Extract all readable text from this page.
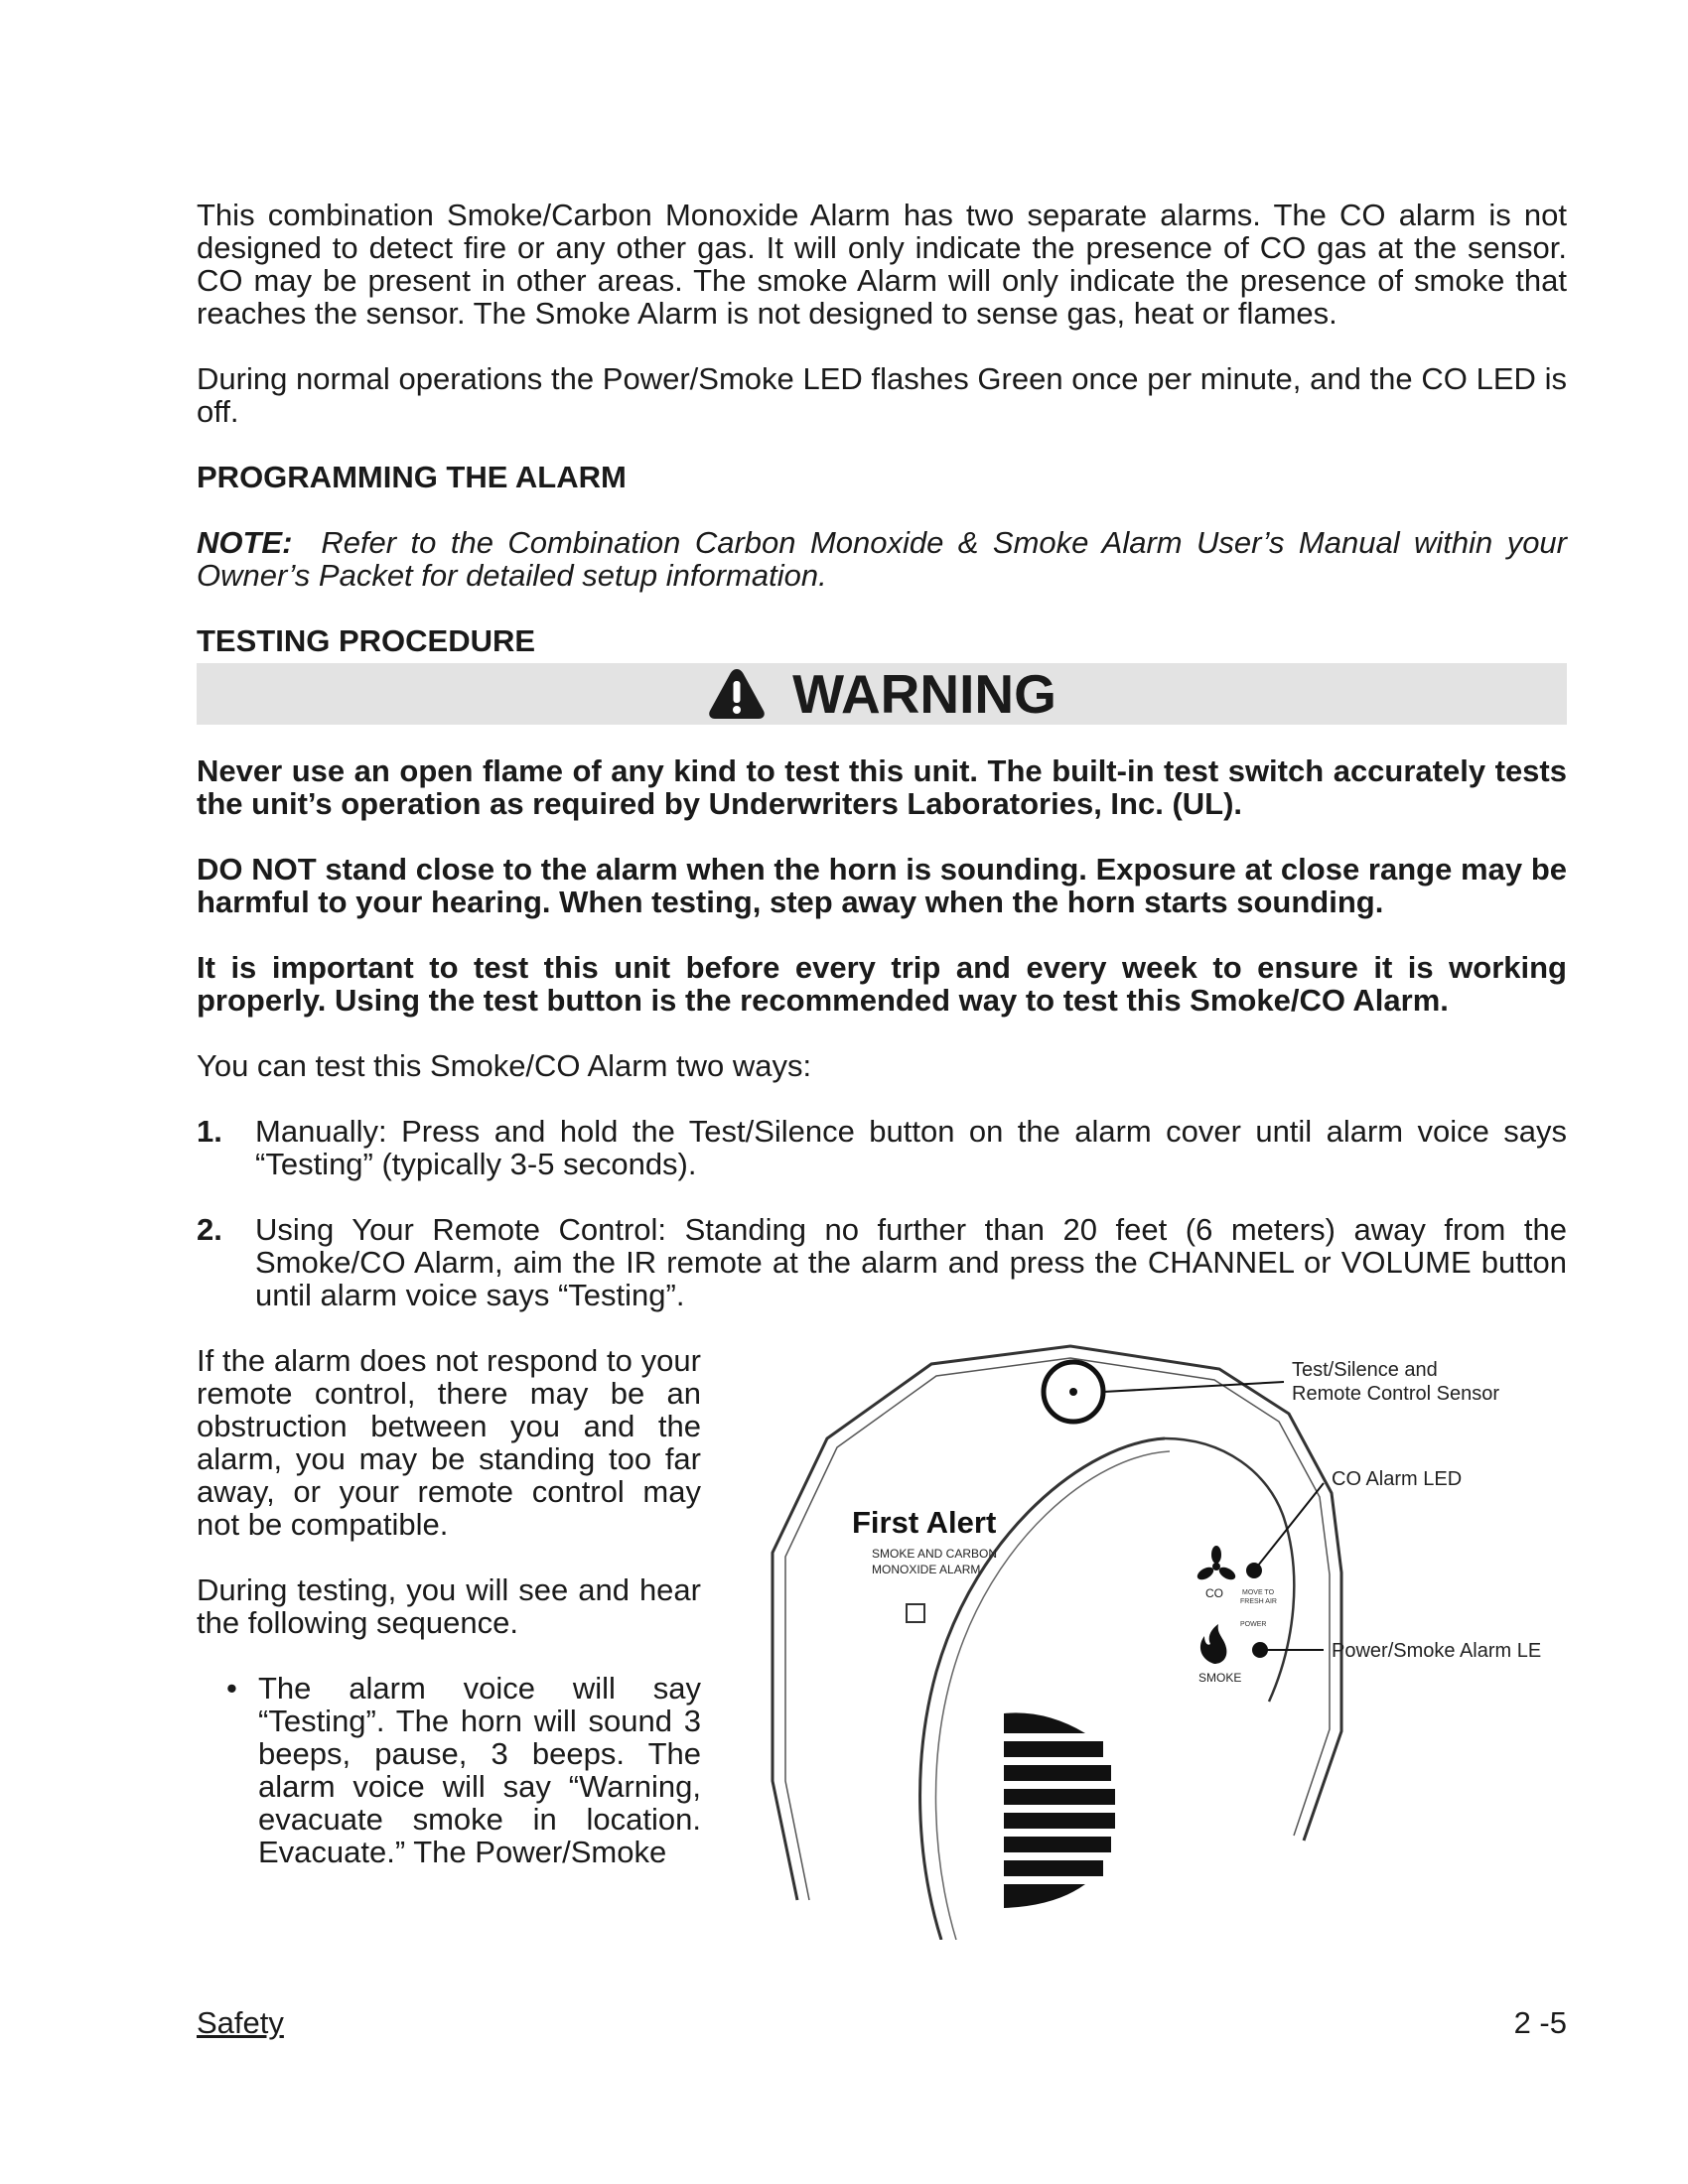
This combination Smoke/Carbon Monoxide Alarm has two separate alarms. The CO alarm is not designed to detect fire or any other gas. It will only indicate the presence of CO gas at the sensor. CO may be present in other areas. The smoke Alarm will only indicate the presence of smoke that reaches the sensor. The Smoke Alarm is not designed to sense gas, heat or flames.

During normal operations the Power/Smoke LED flashes Green once per minute, and the CO LED is off.

PROGRAMMING THE ALARM
NOTE: Refer to the Combination Carbon Monoxide & Smoke Alarm User’s Manual within your Owner’s Packet for detailed setup information.
TESTING PROCEDURE
WARNING

Never use an open flame of any kind to test this unit. The built-in test switch accurately tests the unit’s operation as required by Underwriters Laboratories, Inc. (UL).

DO NOT stand close to the alarm when the horn is sounding. Exposure at close range may be harmful to your hearing. When testing, step away when the horn starts sounding.

It is important to test this unit before every trip and every week to ensure it is working properly. Using the test button is the recommended way to test this Smoke/CO Alarm.

You can test this Smoke/CO Alarm two ways:

1. Manually: Press and hold the Test/Silence button on the alarm cover until alarm voice says “Testing” (typically 3-5 seconds).
2. Using Your Remote Control: Standing no further than 20 feet (6 meters) away from the Smoke/CO Alarm, aim the IR remote at the alarm and press the CHANNEL or VOLUME button until alarm voice says “Testing”.

If the alarm does not respond to your remote control, there may be an obstruction between you and the alarm, you may be standing too far away, or your remote control may not be compatible.

During testing, you will see and hear the following sequence.

• The alarm voice will say “Testing”. The horn will sound 3 beeps, pause, 3 beeps. The alarm voice will say “Warning, evacuate smoke in location. Evacuate.” The Power/Smoke
First Alert
SMOKE AND CARBON
MONOXIDE ALARM
CO	MOVE TO
FRESH AIR
POWER
SMOKE
Test/Silence and
Remote Control Sensor
CO Alarm LED
Power/Smoke Alarm LE
Safety	2 -5
